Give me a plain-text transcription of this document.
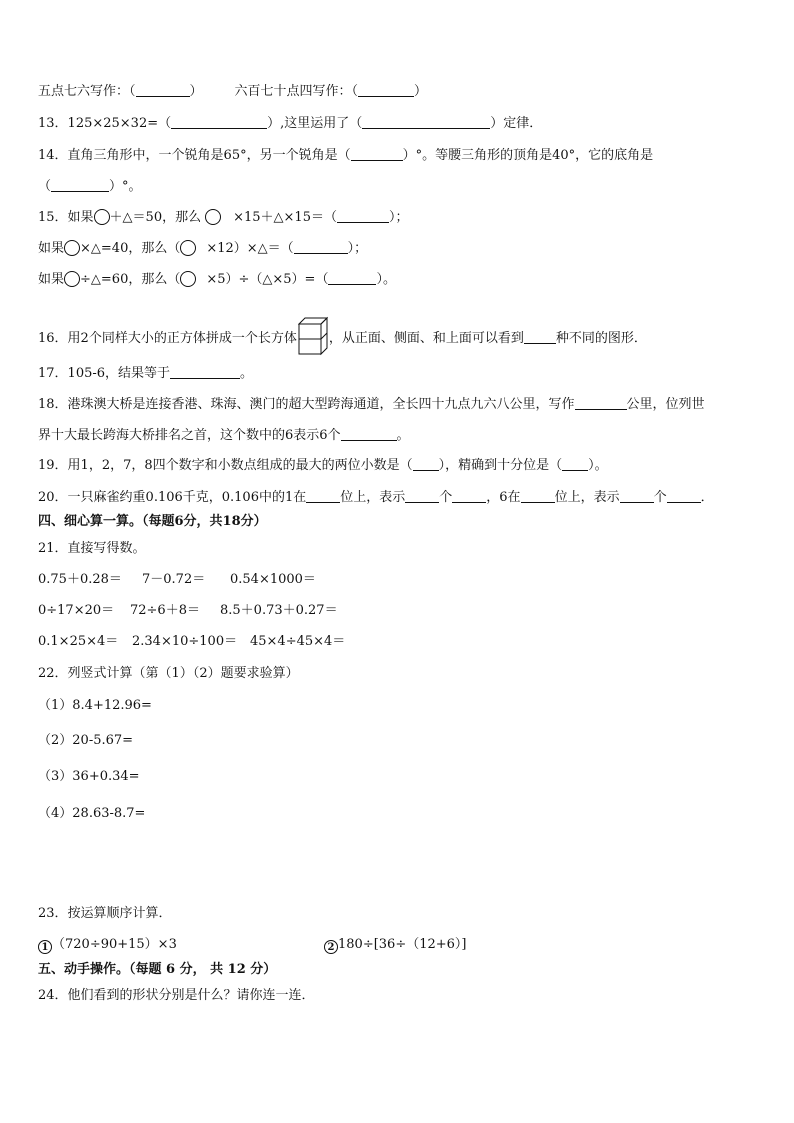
五点七六写作：（	） 六百七十点四写作：（	）
13．125×25×32=（	）,这里运用了（	）定律．
14．直角三角形中，一个锐角是65°，另一个锐角是（	）°。等腰三角形的顶角是40°，它的底角是
（	）°。
15．如果 ＋△＝50，那么 ×15＋△×15＝（	）；
如果 ×△=40，那么（ ×12）×△＝（	）；
如果 ÷△=60，那么（ ×5）÷（△×5）=（	）。
16．用2个同样大小的正方体拼成一个长方体 ，从正面、侧面、和上面可以看到 种不同的图形．
17．105-6，结果等于	。
18．港珠澳大桥是连接香港、珠海、澳门的超大型跨海通道，全长四十九点九六八公里，写作	公里，位列世
界十大最长跨海大桥排名之首，这个数中的6表示6个	。
19．用1，2，7，8四个数字和小数点组成的最大的两位小数是（ ），精确到十分位是（ ）。
20．一只麻雀约重0.106千克，0.106中的1在	位上，表示	个	，6在	位上，表示	个	．
四、细心算一算。（每题6分，共18分）
21．直接写得数。
0.75＋0.28＝ 7－0.72＝ 0.54×1000＝
0÷17×20＝ 72÷6＋8＝ 8.5＋0.73＋0.27＝
0.1×25×4＝ 2.34×10÷100＝ 45×4÷45×4＝
22．列竖式计算（第（1）（2）题要求验算）
（1）8.4+12.96=
（2）20-5.67=
（3）36+0.34=
（4）28.63-8.7=
23．按运算顺序计算．
1 （720÷90+15）×3	2 180÷[36÷（12+6）]
五、动手操作。（每题 6 分， 共 12 分）
24．他们看到的形状分别是什么？请你连一连．
